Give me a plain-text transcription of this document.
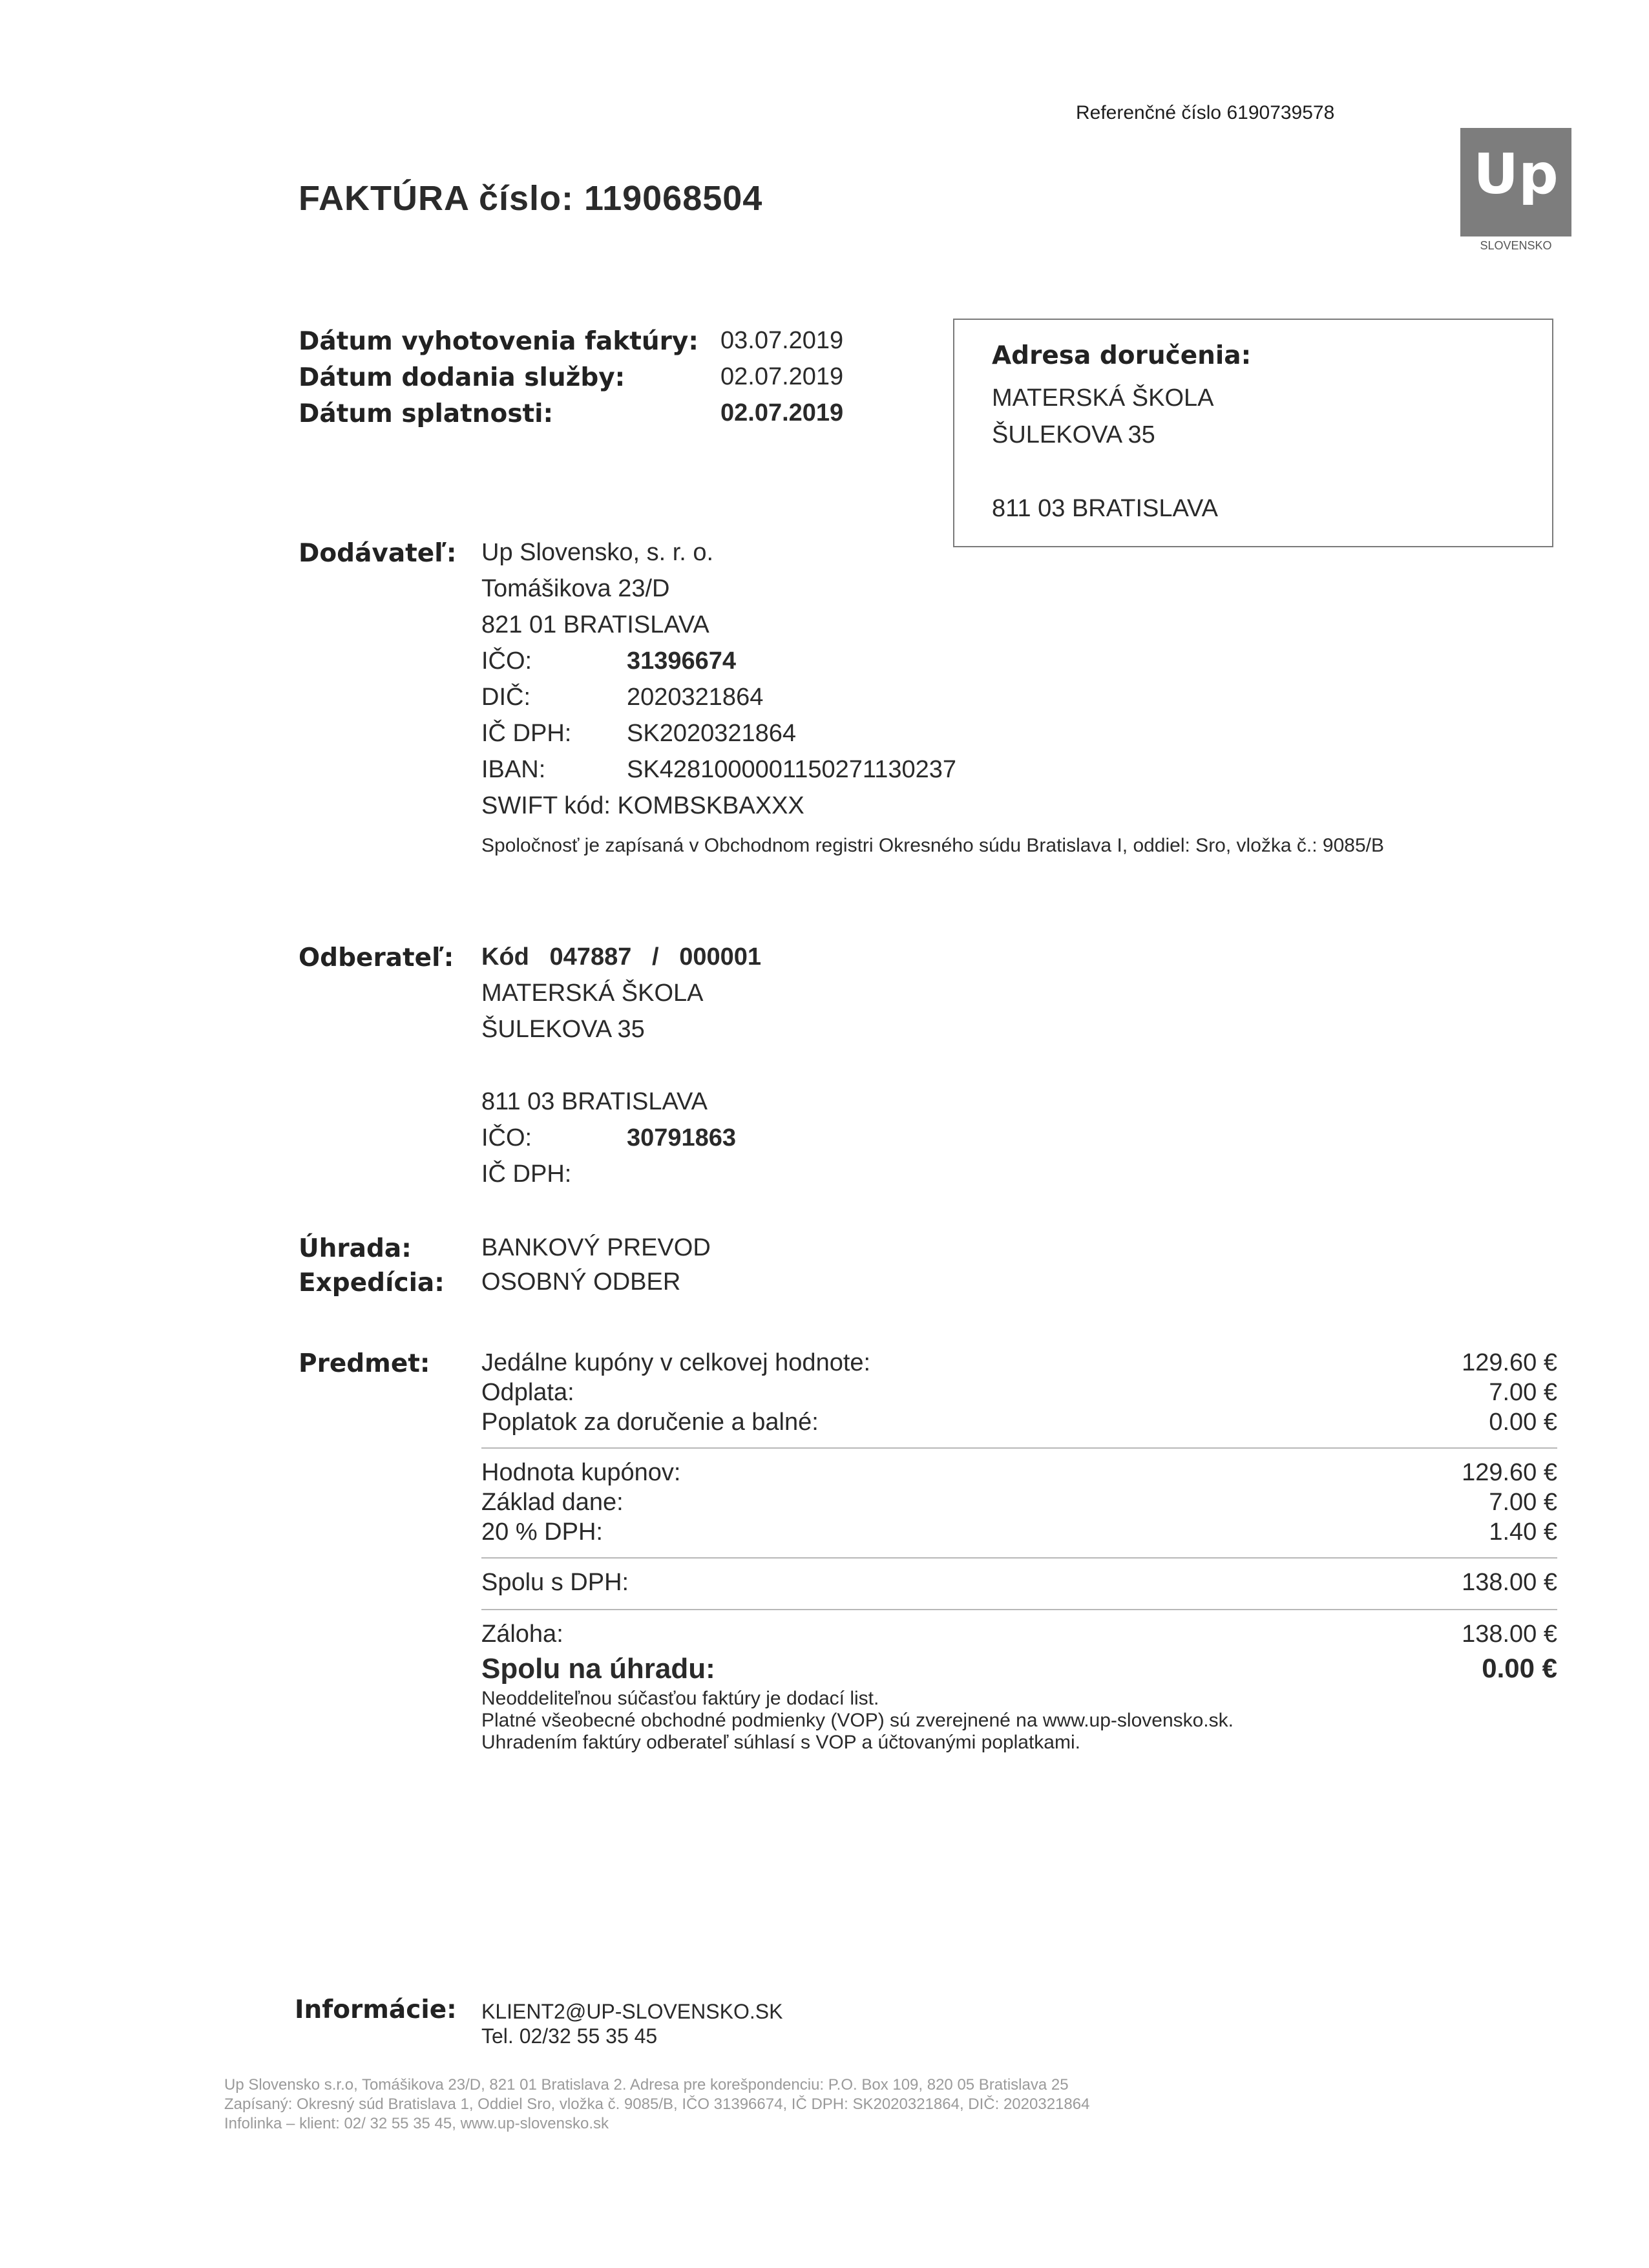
Referenčné číslo 6190739578
FAKTÚRA číslo: 119068504	Up
SLOVENSKO
Dátum vyhotovenia faktúry: 03.07.2019
Dátum dodania služby:	02.07.2019
Dátum splatnosti:	02.07.2019
Adresa doručenia:
MATERSKÁ ŠKOLA
ŠULEKOVA 35
811 03 BRATISLAVA
Dodávateľ: Up Slovensko, s. r. o.
Tomášikova 23/D
821 01 BRATISLAVA
IČO:	31396674
DIČ:	2020321864
IČ DPH: SK2020321864
IBAN:	SK4281000001150271130237
SWIFT kód: KOMBSKBAXXX
Spoločnosť je zapísaná v Obchodnom registri Okresného súdu Bratislava I, oddiel: Sro, vložka č.: 9085/B
Odberateľ: Kód   047887   /   000001
MATERSKÁ ŠKOLA
ŠULEKOVA 35
811 03 BRATISLAVA
IČO:	30791863
IČ DPH:
Úhrada:	BANKOVÝ PREVOD
Expedícia: OSOBNÝ ODBER
Predmet: Jedálne kupóny v celkovej hodnote:	129.60 €
Odplata:	7.00 €
Poplatok za doručenie a balné:	0.00 €
Hodnota kupónov:	129.60 €
Základ dane:	7.00 €
20 % DPH:	1.40 €
Spolu s DPH:	138.00 €
Záloha:	138.00 €
Spolu na úhradu:	0.00 €
Neoddeliteľnou súčasťou faktúry je dodací list.
Platné všeobecné obchodné podmienky (VOP) sú zverejnené na www.up-slovensko.sk.
Uhradením faktúry odberateľ súhlasí s VOP a účtovanými poplatkami.
Informácie: KLIENT2@UP-SLOVENSKO.SK
Tel. 02/32 55 35 45
Up Slovensko s.r.o, Tomášikova 23/D, 821 01 Bratislava 2. Adresa pre korešpondenciu: P.O. Box 109, 820 05 Bratislava 25
Zapísaný: Okresný súd Bratislava 1, Oddiel Sro, vložka č. 9085/B, IČO 31396674, IČ DPH: SK2020321864, DIČ: 2020321864
Infolinka – klient: 02/ 32 55 35 45, www.up-slovensko.sk
